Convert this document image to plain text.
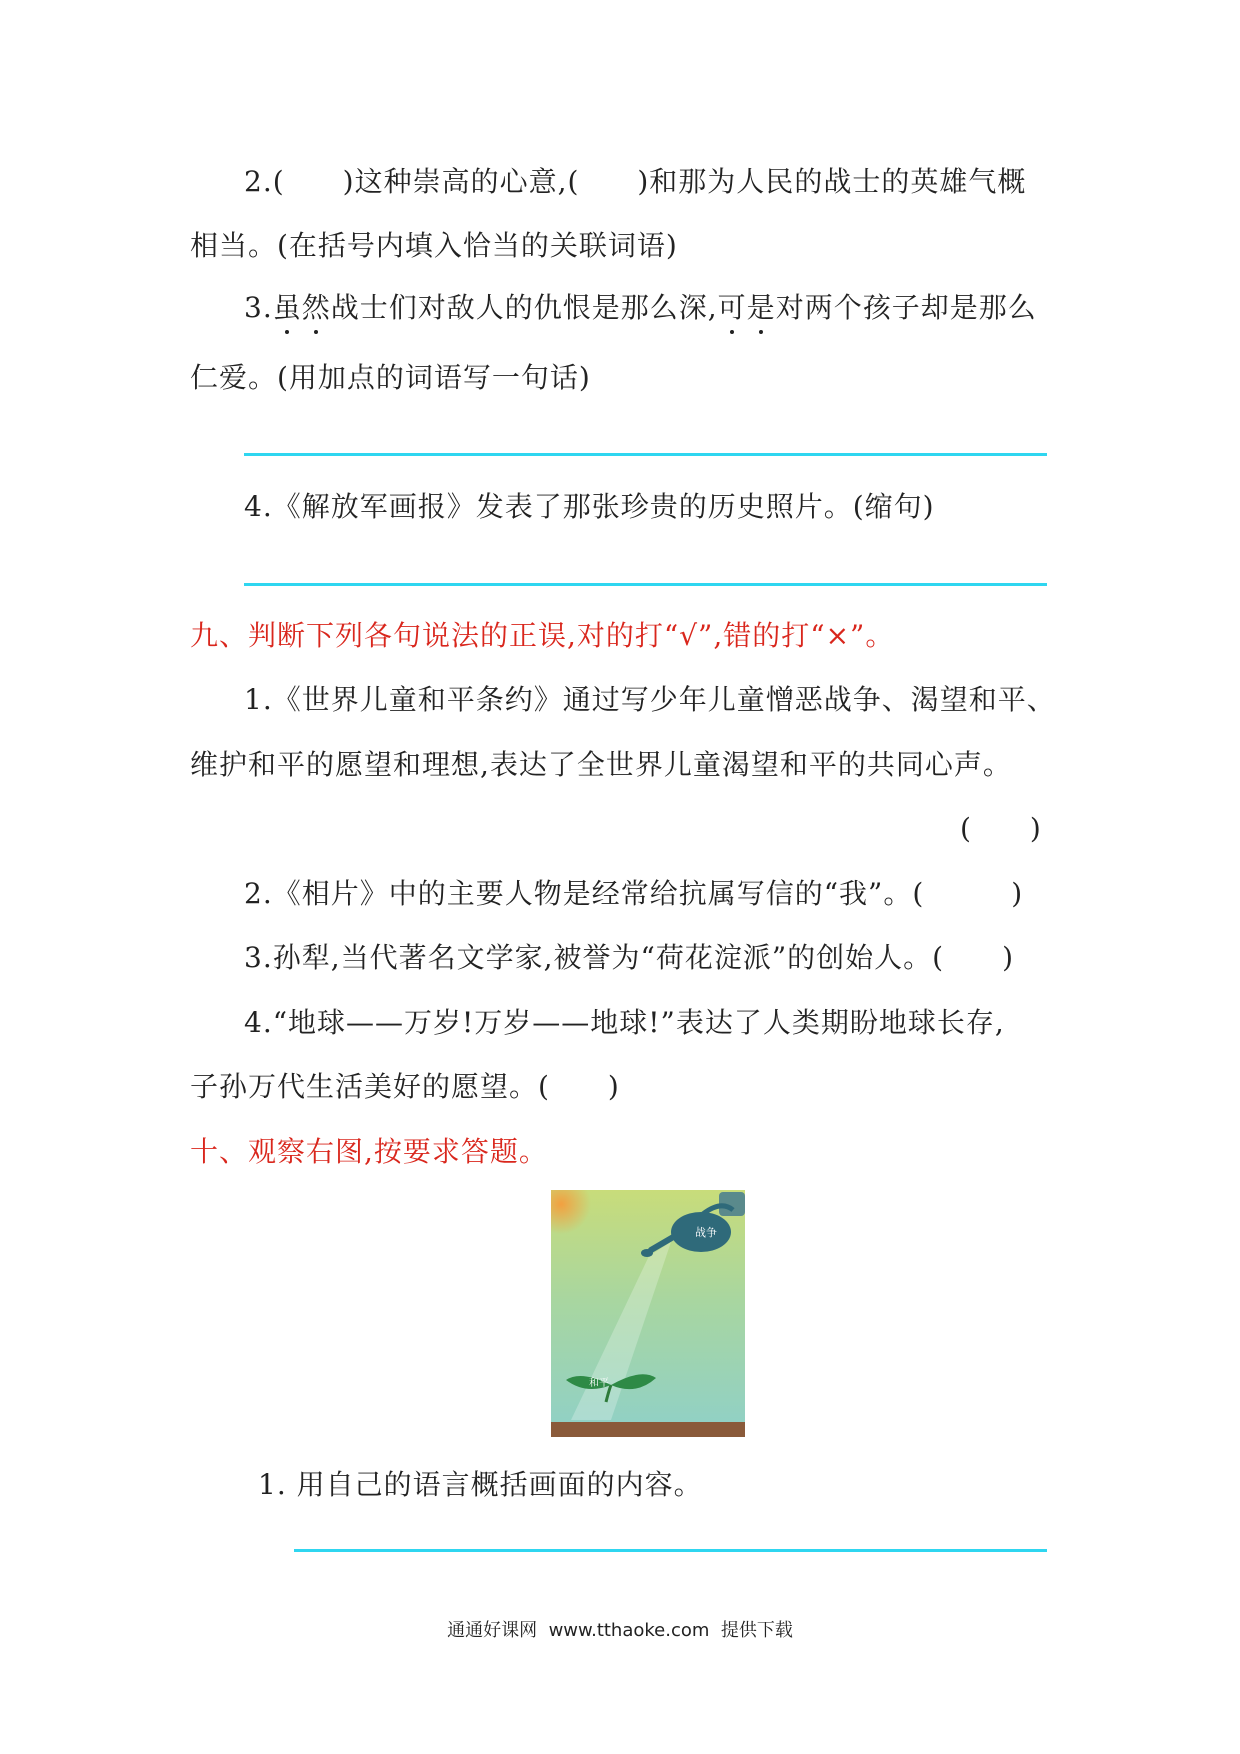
2.(　　)这种崇高的心意,(　　)和那为人民的战士的英雄气概
相当。(在括号内填入恰当的关联词语)
3.虽然战士们对敌人的仇恨是那么深,可是对两个孩子却是那么
仁爱。(用加点的词语写一句话)
4.《解放军画报》发表了那张珍贵的历史照片。(缩句)
九、判断下列各句说法的正误,对的打“√”,错的打“×”。
1.《世界儿童和平条约》通过写少年儿童憎恶战争、渴望和平、
维护和平的愿望和理想,表达了全世界儿童渴望和平的共同心声。
(　　)
2.《相片》中的主要人物是经常给抗属写信的“我”。(　　　)
3.孙犁,当代著名文学家,被誉为“荷花淀派”的创始人。(　　)
4.“地球——万岁!万岁——地球!”表达了人类期盼地球长存,
子孙万代生活美好的愿望。(　　)
十、观察右图,按要求答题。
战争
和平
1. 用自己的语言概括画面的内容。
通通好课网  www.tthaoke.com  提供下载
